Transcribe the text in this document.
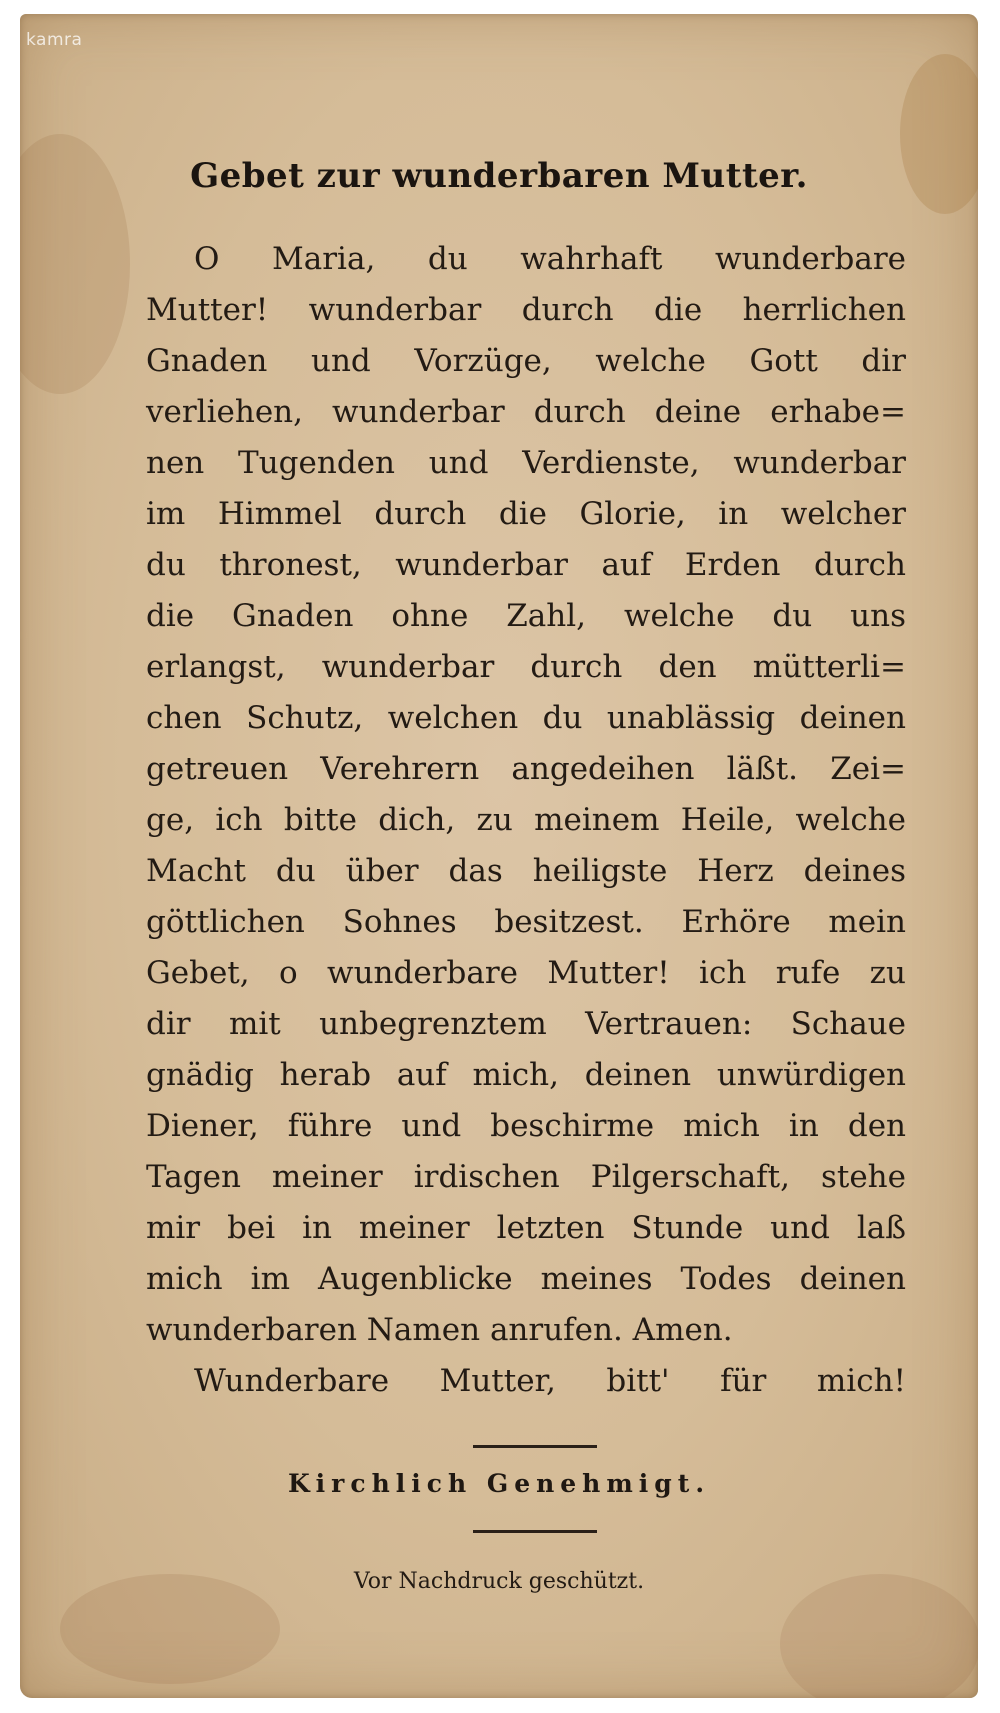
Gebet zur wunderbaren Mutter.
O Maria, du wahrhaft wunderbare
Mutter! wunderbar durch die herrlichen
Gnaden und Vorzüge, welche Gott dir
verliehen, wunderbar durch deine erhabe=
nen Tugenden und Verdienste, wunderbar
im Himmel durch die Glorie, in welcher
du thronest, wunderbar auf Erden durch
die Gnaden ohne Zahl, welche du uns
erlangst, wunderbar durch den mütterli=
chen Schutz, welchen du unablässig deinen
getreuen Verehrern angedeihen läßt. Zei=
ge, ich bitte dich, zu meinem Heile, welche
Macht du über das heiligste Herz deines
göttlichen Sohnes besitzest. Erhöre mein
Gebet, o wunderbare Mutter! ich rufe zu
dir mit unbegrenztem Vertrauen: Schaue
gnädig herab auf mich, deinen unwürdigen
Diener, führe und beschirme mich in den
Tagen meiner irdischen Pilgerschaft, stehe
mir bei in meiner letzten Stunde und laß
mich im Augenblicke meines Todes deinen
wunderbaren Namen anrufen. Amen.
Wunderbare Mutter, bitt' für mich!
Kirchlich Genehmigt.
Vor Nachdruck geschützt.
kamra
